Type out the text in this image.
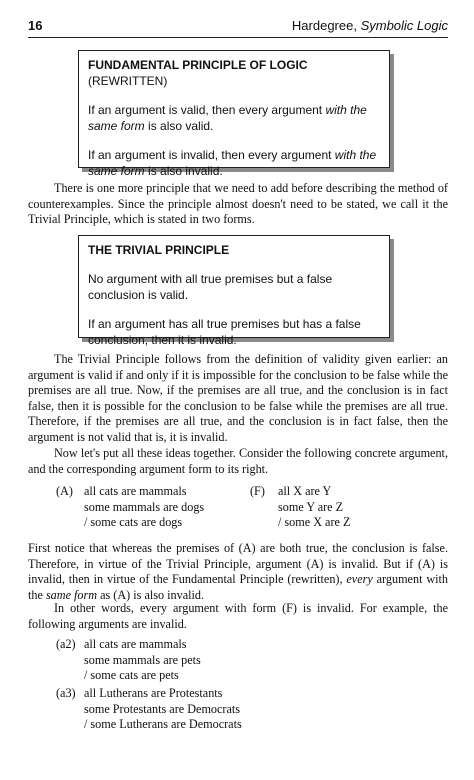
16	Hardegree, Symbolic Logic
FUNDAMENTAL PRINCIPLE OF LOGIC
(REWRITTEN)

If an argument is valid, then every argument with the same form is also valid.

If an argument is invalid, then every argument with the same form is also invalid.

There is one more principle that we need to add before describing the method of counterexamples. Since the principle almost doesn't need to be stated, we call it the Trivial Principle, which is stated in two forms.

THE TRIVIAL PRINCIPLE

No argument with all true premises but a false conclusion is valid.

If an argument has all true premises but has a false conclusion, then it is invalid.

The Trivial Principle follows from the definition of validity given earlier: an argument is valid if and only if it is impossible for the conclusion to be false while the premises are all true. Now, if the premises are all true, and the conclusion is in fact false, then it is possible for the conclusion to be false while the premises are all true. Therefore, if the premises are all true, and the conclusion is in fact false, then the argument is not valid that is, it is invalid.

Now let's put all these ideas together. Consider the following concrete argument, and the corresponding argument form to its right.

(A) all cats are mammals
some mammals are dogs
/ some cats are dogs
(F) all X are Y
some Y are Z
/ some X are Z

First notice that whereas the premises of (A) are both true, the conclusion is false. Therefore, in virtue of the Trivial Principle, argument (A) is invalid. But if (A) is invalid, then in virtue of the Fundamental Principle (rewritten), every argument with the same form as (A) is also invalid.

In other words, every argument with form (F) is invalid. For example, the following arguments are invalid.

(a2) all cats are mammals
some mammals are pets
/ some cats are pets
(a3) all Lutherans are Protestants
some Protestants are Democrats
/ some Lutherans are Democrats
